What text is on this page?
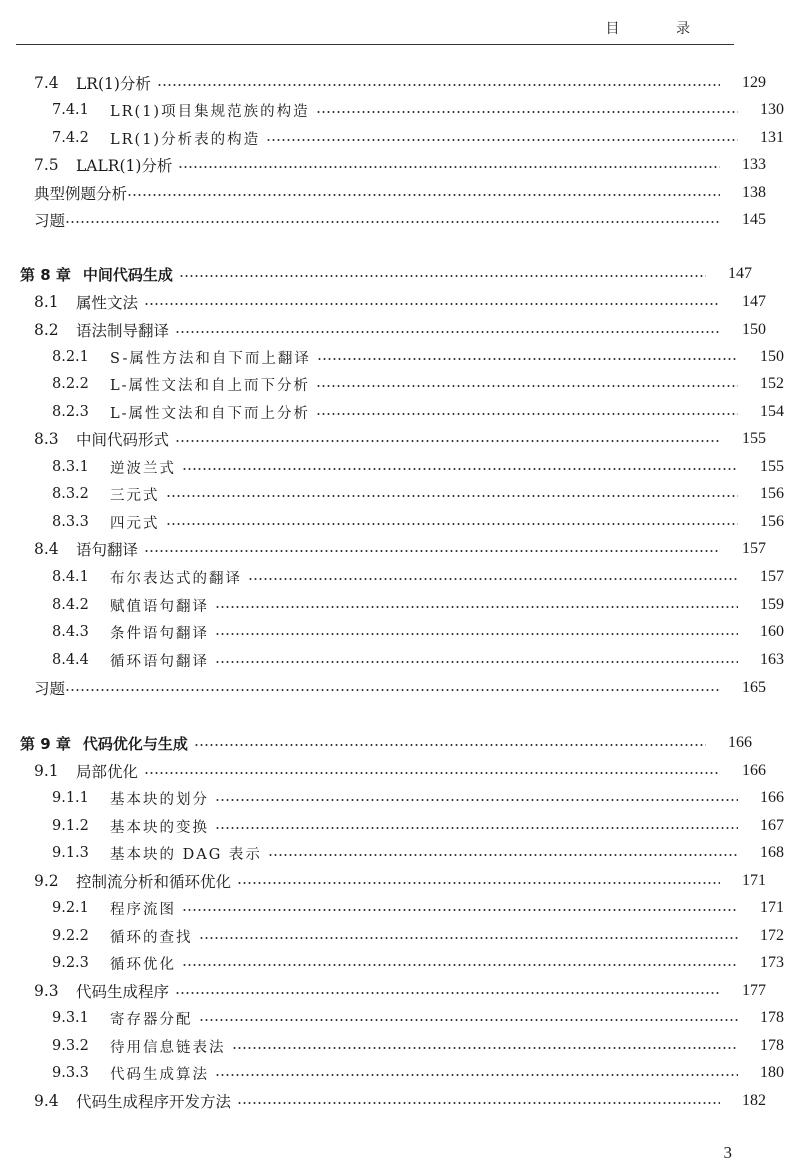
目 录
7.4	LR(1)分析	129
7.4.1	LR(1)项目集规范族的构造	130
7.4.2	LR(1)分析表的构造	131
7.5	LALR(1)分析	133
典型例题分析	138
习题	145
第 8 章 中间代码生成	147
8.1	属性文法	147
8.2	语法制导翻译	150
8.2.1	S-属性方法和自下而上翻译	150
8.2.2	L-属性文法和自上而下分析	152
8.2.3	L-属性文法和自下而上分析	154
8.3	中间代码形式	155
8.3.1	逆波兰式	155
8.3.2	三元式	156
8.3.3	四元式	156
8.4	语句翻译	157
8.4.1	布尔表达式的翻译	157
8.4.2	赋值语句翻译	159
8.4.3	条件语句翻译	160
8.4.4	循环语句翻译	163
习题	165
第 9 章 代码优化与生成	166
9.1	局部优化	166
9.1.1	基本块的划分	166
9.1.2	基本块的变换	167
9.1.3	基本块的 DAG 表示	168
9.2	控制流分析和循环优化	171
9.2.1	程序流图	171
9.2.2	循环的查找	172
9.2.3	循环优化	173
9.3	代码生成程序	177
9.3.1	寄存器分配	178
9.3.2	待用信息链表法	178
9.3.3	代码生成算法	180
9.4	代码生成程序开发方法	182
3
